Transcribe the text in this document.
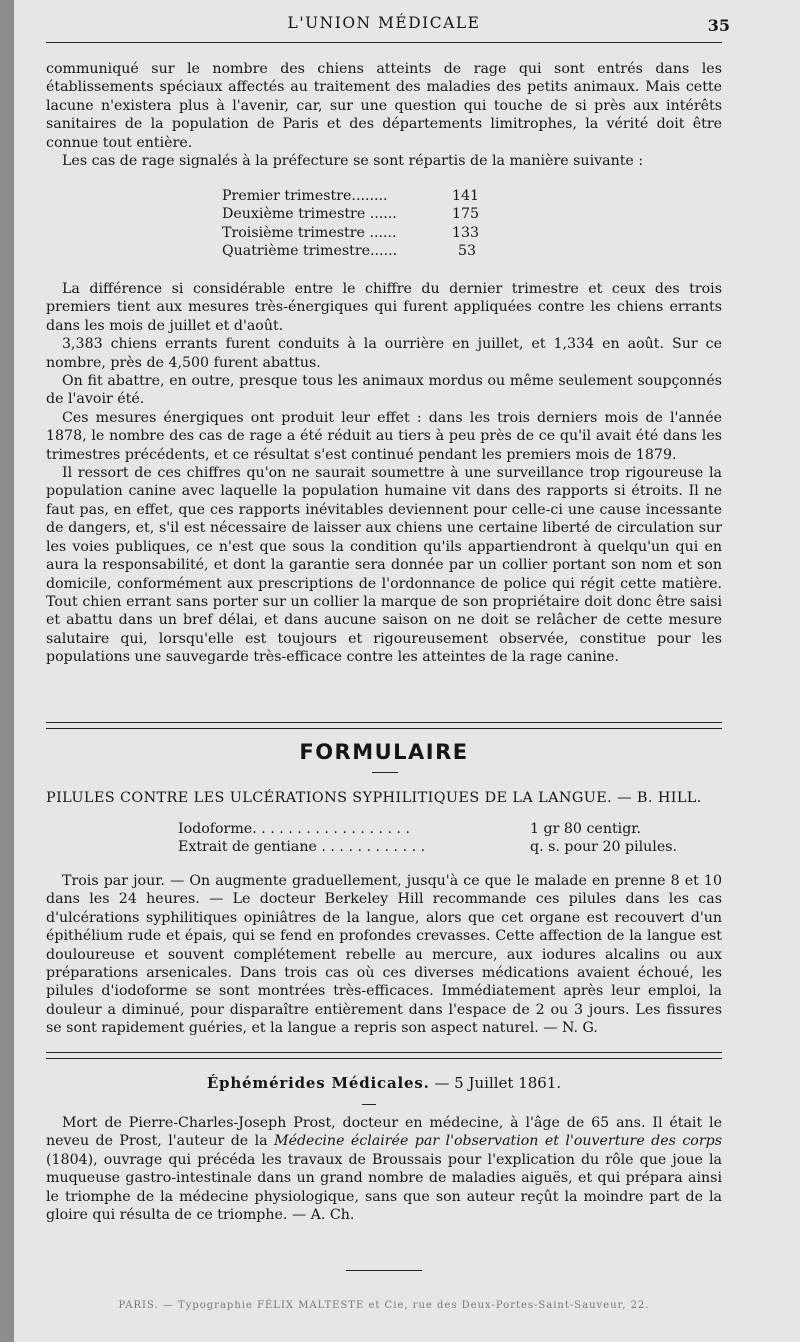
L'UNION MÉDICALE	35

communiqué sur le nombre des chiens atteints de rage qui sont entrés dans les établissements spéciaux affectés au traitement des maladies des petits animaux. Mais cette lacune n'existera plus à l'avenir, car, sur une question qui touche de si près aux intérêts sanitaires de la population de Paris et des départements limitrophes, la vérité doit être connue tout entière.

Les cas de rage signalés à la préfecture se sont répartis de la manière suivante :

Premier trimestre........	141
Deuxième trimestre ......	175
Troisième trimestre ......	133
Quatrième trimestre......	53

La différence si considérable entre le chiffre du dernier trimestre et ceux des trois premiers tient aux mesures très-énergiques qui furent appliquées contre les chiens errants dans les mois de juillet et d'août.

3,383 chiens errants furent conduits à la ourrière en juillet, et 1,334 en août. Sur ce nombre, près de 4,500 furent abattus.

On fit abattre, en outre, presque tous les animaux mordus ou même seulement soupçonnés de l'avoir été.

Ces mesures énergiques ont produit leur effet : dans les trois derniers mois de l'année 1878, le nombre des cas de rage a été réduit au tiers à peu près de ce qu'il avait été dans les trimestres précédents, et ce résultat s'est continué pendant les premiers mois de 1879.

Il ressort de ces chiffres qu'on ne saurait soumettre à une surveillance trop rigoureuse la population canine avec laquelle la population humaine vit dans des rapports si étroits. Il ne faut pas, en effet, que ces rapports inévitables deviennent pour celle-ci une cause incessante de dangers, et, s'il est nécessaire de laisser aux chiens une certaine liberté de circulation sur les voies publiques, ce n'est que sous la condition qu'ils appartiendront à quelqu'un qui en aura la responsabilité, et dont la garantie sera donnée par un collier portant son nom et son domicile, conformément aux prescriptions de l'ordonnance de police qui régit cette matière. Tout chien errant sans porter sur un collier la marque de son propriétaire doit donc être saisi et abattu dans un bref délai, et dans aucune saison on ne doit se relâcher de cette mesure salutaire qui, lorsqu'elle est toujours et rigoureusement observée, constitue pour les populations une sauvegarde très-efficace contre les atteintes de la rage canine.

FORMULAIRE
PILULES CONTRE LES ULCÉRATIONS SYPHILITIQUES DE LA LANGUE. — B. HILL.
Iodoforme. . . . . . . . . . . . . . . . . .	1 gr 80 centigr.
Extrait de gentiane . . . . . . . . . . . .	q. s. pour 20 pilules.

Trois par jour. — On augmente graduellement, jusqu'à ce que le malade en prenne 8 et 10 dans les 24 heures. — Le docteur Berkeley Hill recommande ces pilules dans les cas d'ulcérations syphilitiques opiniâtres de la langue, alors que cet organe est recouvert d'un épithélium rude et épais, qui se fend en profondes crevasses. Cette affection de la langue est douloureuse et souvent complétement rebelle au mercure, aux iodures alcalins ou aux préparations arsenicales. Dans trois cas où ces diverses médications avaient échoué, les pilules d'iodoforme se sont montrées très-efficaces. Immédiatement après leur emploi, la douleur a diminué, pour disparaître entièrement dans l'espace de 2 ou 3 jours. Les fissures se sont rapidement guéries, et la langue a repris son aspect naturel. — N. G.

Éphémérides Médicales. — 5 Juillet 1861.

Mort de Pierre-Charles-Joseph Prost, docteur en médecine, à l'âge de 65 ans. Il était le neveu de Prost, l'auteur de la Médecine éclairée par l'observation et l'ouverture des corps (1804), ouvrage qui précéda les travaux de Broussais pour l'explication du rôle que joue la muqueuse gastro-intestinale dans un grand nombre de maladies aiguës, et qui prépara ainsi le triomphe de la médecine physiologique, sans que son auteur reçût la moindre part de la gloire qui résulta de ce triomphe. — A. Ch.

PARIS. — Typographie FÉLIX MALTESTE et Cie, rue des Deux-Portes-Saint-Sauveur, 22.
